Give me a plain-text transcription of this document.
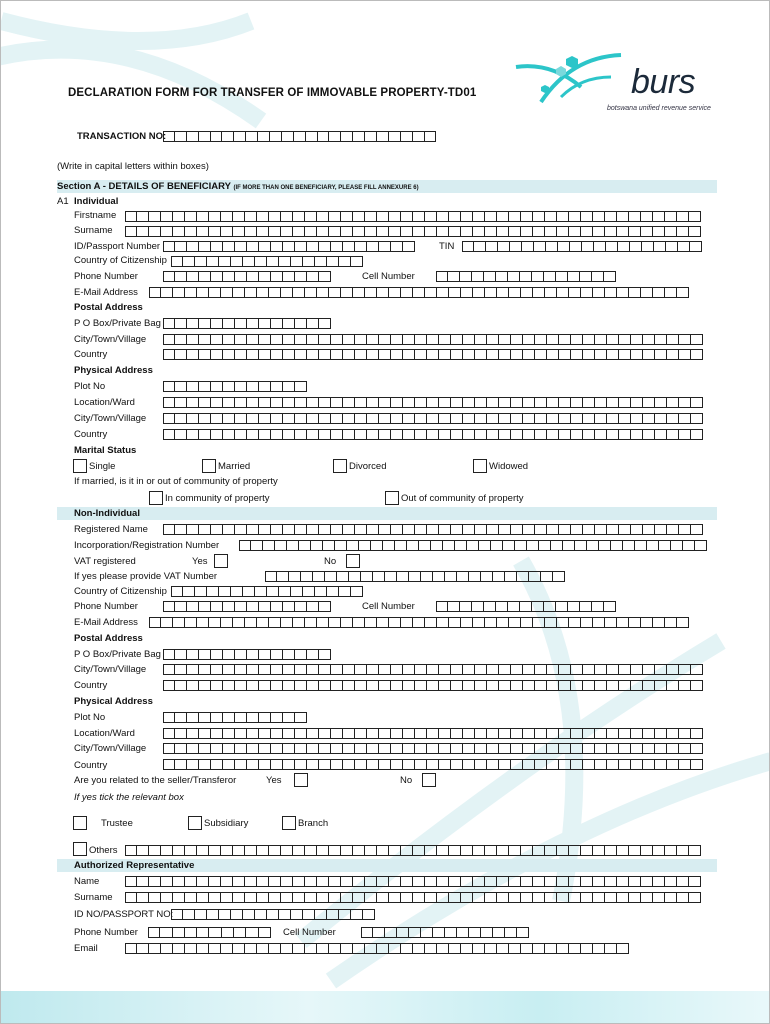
burs
botswana unified revenue service
DECLARATION FORM FOR TRANSFER OF IMMOVABLE PROPERTY-TD01
TRANSACTION NO:
(Write in capital letters within boxes)
Section A - DETAILS OF BENEFICIARY (IF MORE THAN ONE BENEFICIARY, PLEASE FILL ANNEXURE 6)
A1 Individual
Firstname
Surname
ID/Passport Number	TIN
Country of Citizenship
Phone Number	Cell Number
E-Mail Address
Postal Address
P O Box/Private Bag
City/Town/Village
Country
Physical Address
Plot No
Location/Ward
City/Town/Village
Country
Marital Status
Single	Married	Divorced	Widowed
If married, is it in or out of community of property
In community of property	Out of community of property
Non-Individual
Registered Name
Incorporation/Registration Number
VAT registered	Yes	No
If yes please provide VAT Number
Country of Citizenship
Phone Number	Cell Number
E-Mail Address
Postal Address
P O Box/Private Bag
City/Town/Village
Country
Physical Address
Plot No
Location/Ward
City/Town/Village
Country
Are you related to the seller/Transferor	Yes	No
If yes tick the relevant box
Trustee	Subsidiary	Branch
Others
Authorized Representative
Name
Surname
ID NO/PASSPORT NO:
Phone Number	Cell Number
Email
